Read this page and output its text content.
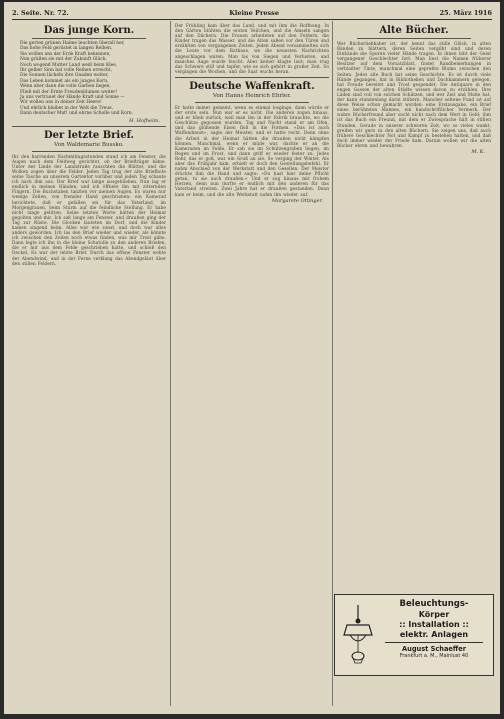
2. Seite. Nr. 72.	Kleine Presse	25. März 1916
Das junge Korn.
Die gerten grünen Halme leuchten überall her,
Das hohe Feld gerüstet in langen Reihen,
Sie wollen uns der Erde Kraft bekennen,
Nun grüßen sie mit der Zukunft Glück.
Noch wogend Mutter Land weiß beim Klee,
Ihr gelber Sinn hat volle Reihen erreicht,
Die Sonnen lächeln ihre Gnaden weiter,
Das Leben kommet als ein junges Korn.
Wenn aber dann die volle Garben liegen,
Fließ mit der Ernte Freudenblumen weiter!
Ja uns vertrauet der Hände Kraft und Sonne —
Wir wollen uns in deiner Zeit Heere!
Und ehrlich bleibet in der Welt die Treue,
Dann deutscher Mut! und ehrne Scholle und Korn.
H. Hofheim.
Der letzte Brief.
Von Waldemarie Bussko.
Ihr den harrenden Nachmittagsstunden stand ich am Fenster, die Augen nach dem Feldweg gerichtet, ob der Briefträger käme. Unter der Linde der Landstraße rauschten die Blätter, und die Wolken zogen über die Felder. Jeden Tag trug der alte Briefbote seine Tasche an unserem Gartentor vorüber und jeden Tag schaute ich nach ihm aus. Der Brief war lange ausgeblieben. Nun lag er endlich in meinen Händen, und ich öffnete ihn mit zitternden Fingern. Die Buchstaben tanzten vor meinen Augen. Es waren nur wenige Zeilen, von fremder Hand geschrieben: ein Kamerad berichtete, daß er gefallen sei für das Vaterland, im Morgengrauen, beim Sturm auf die feindliche Stellung. Er habe nicht lange gelitten. Seine letzten Worte hätten der Heimat gegolten und mir. Ich saß lange am Fenster, und draußen ging der Tag zur Rüste. Die Glocken läuteten im Dorf, und die Kinder kamen singend heim. Alles war wie sonst, und doch war alles anders geworden. Ich las den Brief wieder und wieder, als könnte ich zwischen den Zeilen noch etwas finden, was mir Trost gäbe. Dann legte ich ihn in die kleine Schatulle zu den anderen Briefen, die er mir aus dem Felde geschrieben hatte, und schloß den Deckel. Es war der letzte Brief. Durch das offene Fenster wehte der Abendwind, und in der Ferne verklang das Abendgeläut über den stillen Feldern.
Der Frühling kam über das Land, und mit ihm die Hoffnung. In den Gärten blühten die ersten Veilchen, und die Amseln sangen auf den Dächern. Die Frauen arbeiteten auf den Feldern, die Kinder trugen das Wasser, und die Alten saßen vor den Türen und erzählten von vergangenen Zeiten. Jeden Abend versammelten sich die Leute vor dem Rathaus, wo die neuesten Nachrichten angeschlagen waren. Man las von Siegen und Verlusten, und manches Auge wurde feucht. Aber keiner klagte laut; man trug das Schwere still und tapfer, wie es sich gehört in großer Zeit. So vergingen die Wochen, und die Saat wuchs heran.
Deutsche Waffenkraft.
Von Hanns Heinrich Ehrler.
Er hatte immer gemeint, wenn es einmal losginge, dann würde er der erste sein. Nun war er es nicht. Die anderen zogen hinaus, und er blieb zurück, weil man ihn in der Fabrik brauchte, wo die Geschütze gegossen wurden. Tag und Nacht stand er am Ofen, und das glühende Eisen floß in die Formen. »Das ist auch Waffendienst«, sagte der Meister, und er hatte recht. Denn ohne die Arbeit in der Heimat hätten die draußen nicht kämpfen können. Manchmal, wenn er müde war, dachte er an die Kameraden im Felde. Er sah sie im Schützengraben liegen, im Regen und im Frost, und dann griff er wieder fester zu. Jedes Rohr, das er goß, war ein Gruß an sie. So verging der Winter. Als aber das Frühjahr kam, erhielt er doch den Gestellungsbefehl. Er nahm Abschied von der Werkstatt und den Gesellen. Der Meister drückte ihm die Hand und sagte: »Du hast hier deine Pflicht getan, tu sie auch draußen.« Und er zog hinaus mit frohem Herzen, denn nun durfte er endlich mit den anderen für das Vaterland streiten. Zwei Jahre hat er draußen gestanden. Dann kam er heim, und die alte Werkstatt nahm ihn wieder auf.
Margarete Ottinger.
Alte Bücher.
Wer Bücherliebhaber ist, der kennt das stille Glück, in alten Bänden zu blättern, deren Seiten vergilbt sind und deren Einbände die Spuren vieler Hände tragen. In ihnen lebt der Geist vergangener Geschlechter fort. Man liest die Namen früherer Besitzer auf dem Vorsatzblatt, findet Randbemerkungen in verblaßter Tinte, manchmal eine gepreßte Blume zwischen den Seiten. Jedes alte Buch hat seine Geschichte. Es ist durch viele Hände gegangen, hat in Bibliotheken und Dachkammern gelegen, hat Freude bereitet und Trost gespendet. Die Antiquare in den engen Gassen der alten Städte wissen davon zu erzählen. Ihre Läden sind voll von solchen Schätzen, und wer Zeit und Muße hat, der kann stundenlang darin stöbern. Mancher seltene Fund ist auf diese Weise schon gemacht worden: eine Erstausgabe, ein Brief eines berühmten Mannes, ein handschriftlicher Vermerk. Der wahre Bücherfreund aber sucht nicht nach dem Wert in Geld; ihm ist das Buch ein Freund, mit dem er Zwiesprache hält in stillen Stunden. Gerade in unserer schweren Zeit, wo so vieles wankt, greifen wir gern zu den alten Büchern. Sie zeigen uns, daß auch frühere Geschlechter Not und Kampf zu bestehen hatten, und daß doch immer wieder der Friede kam. Darum wollen wir die alten Bücher ehren und bewahren.
M. K.
Beleuchtungs-
Körper
:: Installation ::
elektr. Anlagen
August Schaeffer
Frankfurt a. M., Mainlust 40
